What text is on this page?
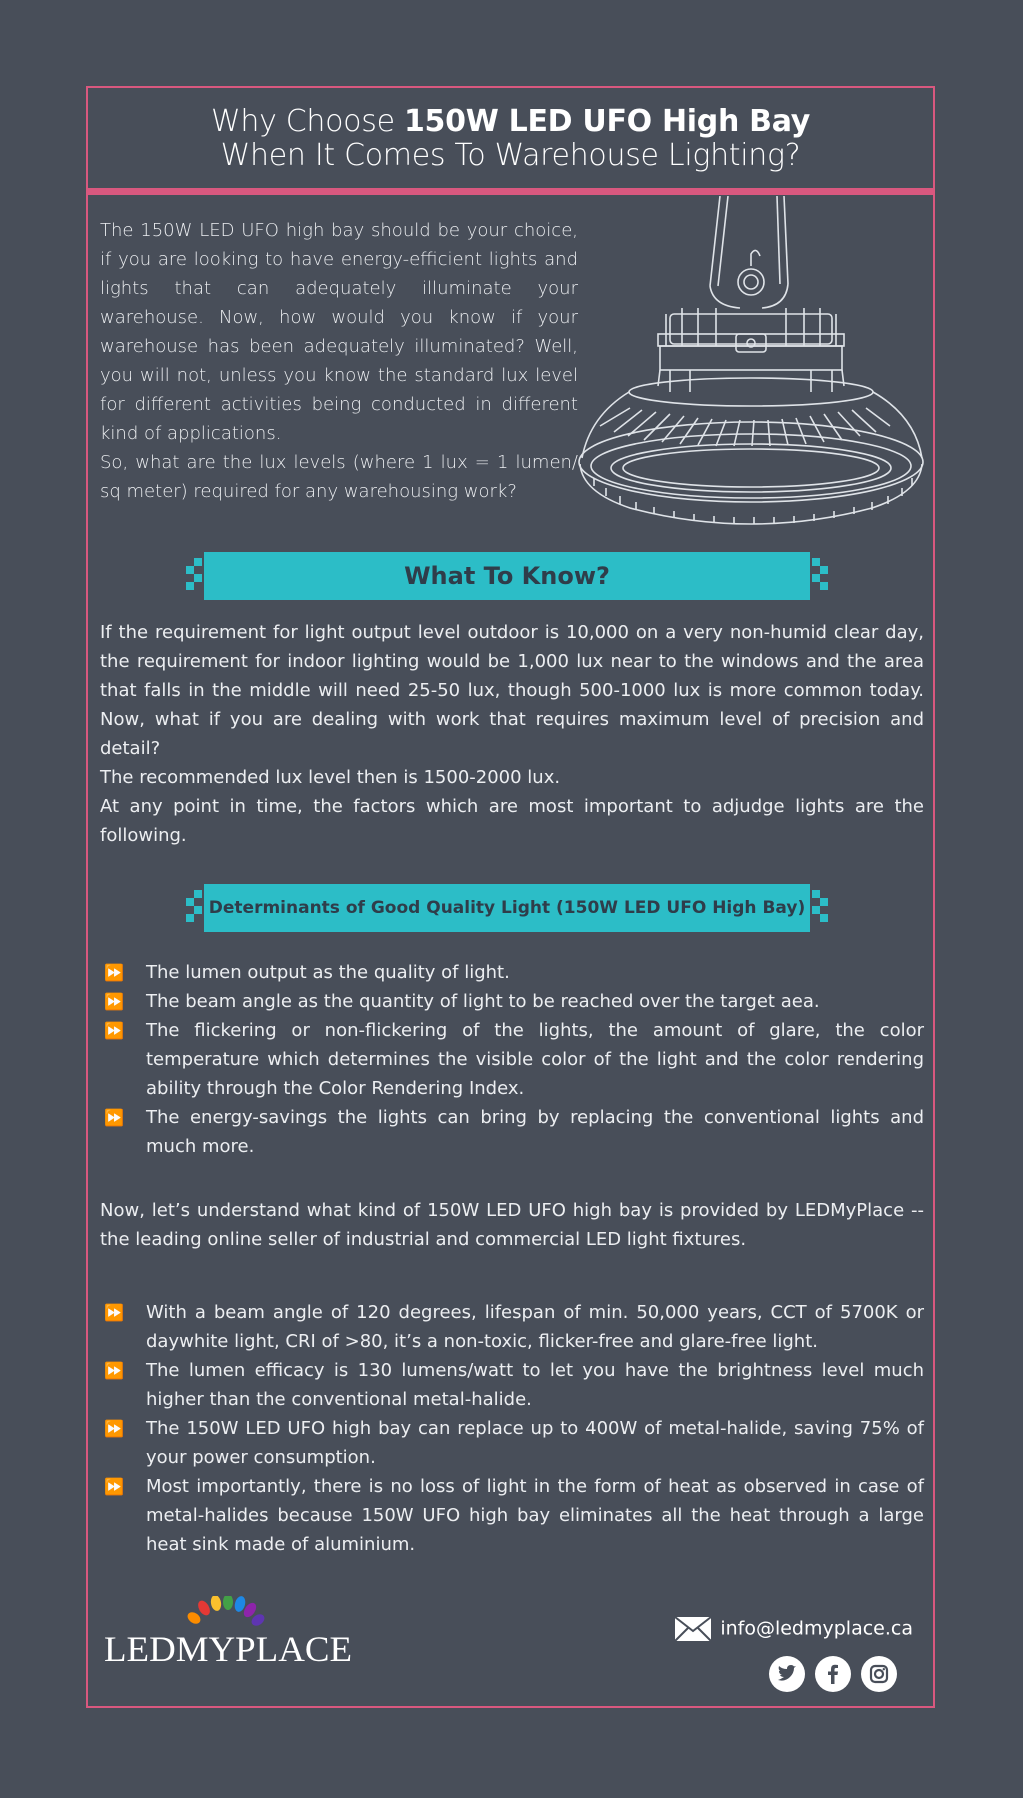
Why Choose 150W LED UFO High Bay
When It Comes To Warehouse Lighting?

The 150W LED UFO high bay should be your choice, if you are looking to have energy-efficient lights and lights that can adequately illuminate your warehouse. Now, how would you know if your warehouse has been adequately illuminated? Well, you will not, unless you know the standard lux level for different activities being conducted in different kind of applications.

So, what are the lux levels (where 1 lux = 1 lumen/ sq meter) required for any warehousing work?

What To Know?

If the requirement for light output level outdoor is 10,000 on a very non-humid clear day, the requirement for indoor lighting would be 1,000 lux near to the windows and the area that falls in the middle will need 25-50 lux, though 500-1000 lux is more common today. Now, what if you are dealing with work that requires maximum level of precision and detail?

The recommended lux level then is 1500-2000 lux.

At any point in time, the factors which are most important to adjudge lights are the following.

Determinants of Good Quality Light (150W LED UFO High Bay)
⏩ The lumen output as the quality of light.
⏩ The beam angle as the quantity of light to be reached over the target aea.
⏩ The flickering or non-flickering of the lights, the amount of glare, the color temperature which determines the visible color of the light and the color rendering ability through the Color Rendering Index.
⏩ The energy-savings the lights can bring by replacing the conventional lights and much more.

Now, let’s understand what kind of 150W LED UFO high bay is provided by LEDMyPlace -- the leading online seller of industrial and commercial LED light fixtures.

⏩ With a beam angle of 120 degrees, lifespan of min. 50,000 years, CCT of 5700K or daywhite light, CRI of >80, it’s a non-toxic, flicker-free and glare-free light.
⏩ The lumen efficacy is 130 lumens/watt to let you have the brightness level much higher than the conventional metal-halide.
⏩ The 150W LED UFO high bay can replace up to 400W of metal-halide, saving 75% of your power consumption.
⏩ Most importantly, there is no loss of light in the form of heat as observed in case of metal-halides because 150W UFO high bay eliminates all the heat through a large heat sink made of aluminium.
LEDMYPLACE
info@ledmyplace.ca
